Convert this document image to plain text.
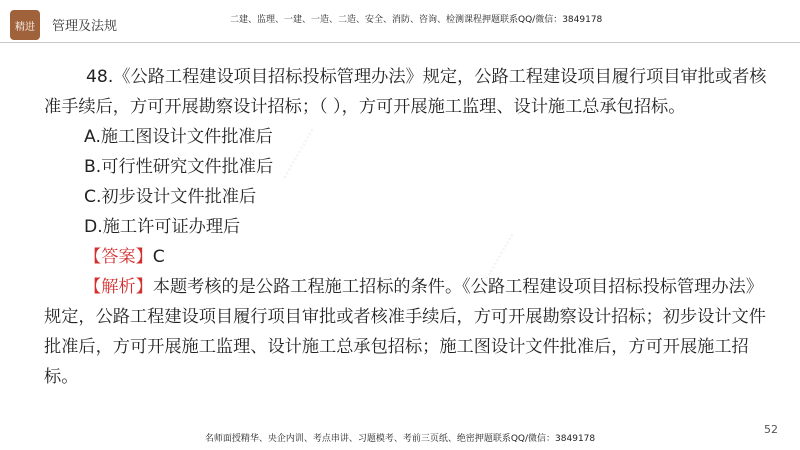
精进	管理及法规	二建、监理、一建、一造、二造、安全、消防、咨询、检测课程押题联系QQ/微信：3849178

48.《公路工程建设项目招标投标管理办法》规定，公路工程建设项目履行项目审批或者核准手续后，方可开展勘察设计招标；（ ），方可开展施工监理、设计施工总承包招标。

A.施工图设计文件批准后

B.可行性研究文件批准后

C.初步设计文件批准后

D.施工许可证办理后

【答案】C

【解析】本题考核的是公路工程施工招标的条件。《公路工程建设项目招标投标管理办法》规定，公路工程建设项目履行项目审批或者核准手续后，方可开展勘察设计招标；初步设计文件批准后，方可开展施工监理、设计施工总承包招标；施工图设计文件批准后，方可开展施工招标。

◦◦◦◦◦◦◦◦◦◦◦◦◦◦
◦◦◦◦◦◦◦◦◦◦◦◦◦◦
名师面授精华、央企内训、考点串讲、习题模考、考前三页纸、绝密押题联系QQ/微信：3849178
52
